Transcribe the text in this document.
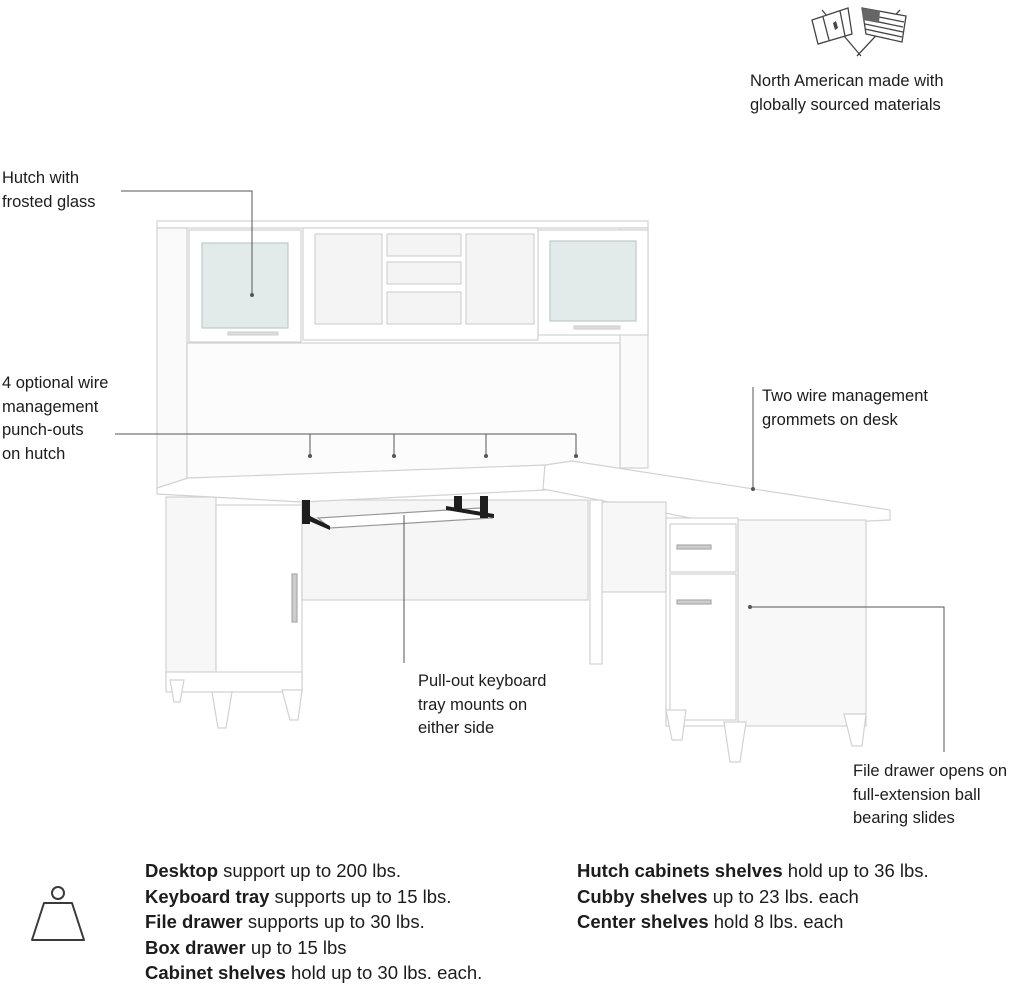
North American made with
globally sourced materials
Hutch with
frosted glass
4 optional wire
management
punch-outs
on hutch
Two wire management
grommets on desk
Pull-out keyboard
tray mounts on
either side
File drawer opens on
full-extension ball
bearing slides
Desktop support up to 200 lbs.
Keyboard tray supports up to 15 lbs.
File drawer supports up to 30 lbs.
Box drawer up to 15 lbs
Cabinet shelves hold up to 30 lbs. each.
Hutch cabinets shelves hold up to 36 lbs.
Cubby shelves up to 23 lbs. each
Center shelves hold 8 lbs. each
